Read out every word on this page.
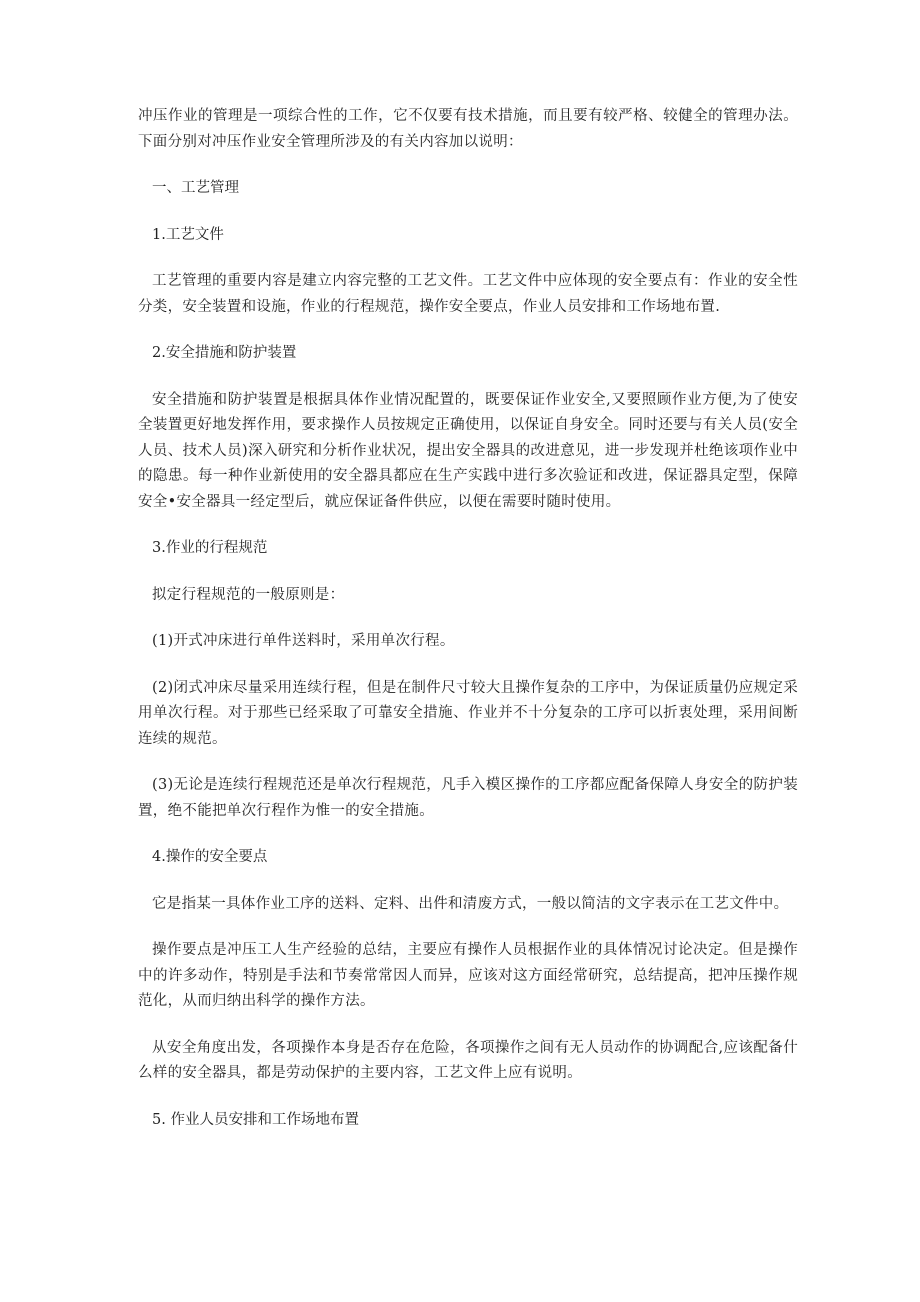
冲压作业的管理是一项综合性的工作，它不仅要有技术措施，而且要有较严格、较健全的管理办法。下面分别对冲压作业安全管理所涉及的有关内容加以说明：

一、工艺管理

1.工艺文件

工艺管理的重要内容是建立内容完整的工艺文件。工艺文件中应体现的安全要点有：作业的安全性分类，安全装置和设施，作业的行程规范，操作安全要点，作业人员安排和工作场地布置.

2.安全措施和防护装置

安全措施和防护装置是根据具体作业情况配置的，既要保证作业安全,又要照顾作业方便,为了使安全装置更好地发挥作用，要求操作人员按规定正确使用，以保证自身安全。同时还要与有关人员(安全人员、技术人员)深入研究和分析作业状况，提出安全器具的改进意见，进一步发现并杜绝该项作业中的隐患。每一种作业新使用的安全器具都应在生产实践中进行多次验证和改进，保证器具定型，保障安全•安全器具一经定型后，就应保证备件供应，以便在需要时随时使用。

3.作业的行程规范

拟定行程规范的一般原则是：

(1)开式冲床进行单件送料时，采用单次行程。

(2)闭式冲床尽量采用连续行程，但是在制件尺寸较大且操作复杂的工序中，为保证质量仍应规定采用单次行程。对于那些已经采取了可靠安全措施、作业并不十分复杂的工序可以折衷处理，采用间断连续的规范。

(3)无论是连续行程规范还是单次行程规范，凡手入模区操作的工序都应配备保障人身安全的防护装置，绝不能把单次行程作为惟一的安全措施。

4.操作的安全要点

它是指某一具体作业工序的送料、定料、出件和清废方式，一般以简洁的文字表示在工艺文件中。

操作要点是冲压工人生产经验的总结，主要应有操作人员根据作业的具体情况讨论决定。但是操作中的许多动作，特别是手法和节奏常常因人而异，应该对这方面经常研究，总结提高，把冲压操作规范化，从而归纳出科学的操作方法。

从安全角度出发，各项操作本身是否存在危险，各项操作之间有无人员动作的协调配合,应该配备什么样的安全器具，都是劳动保护的主要内容，工艺文件上应有说明。

5. 作业人员安排和工作场地布置
